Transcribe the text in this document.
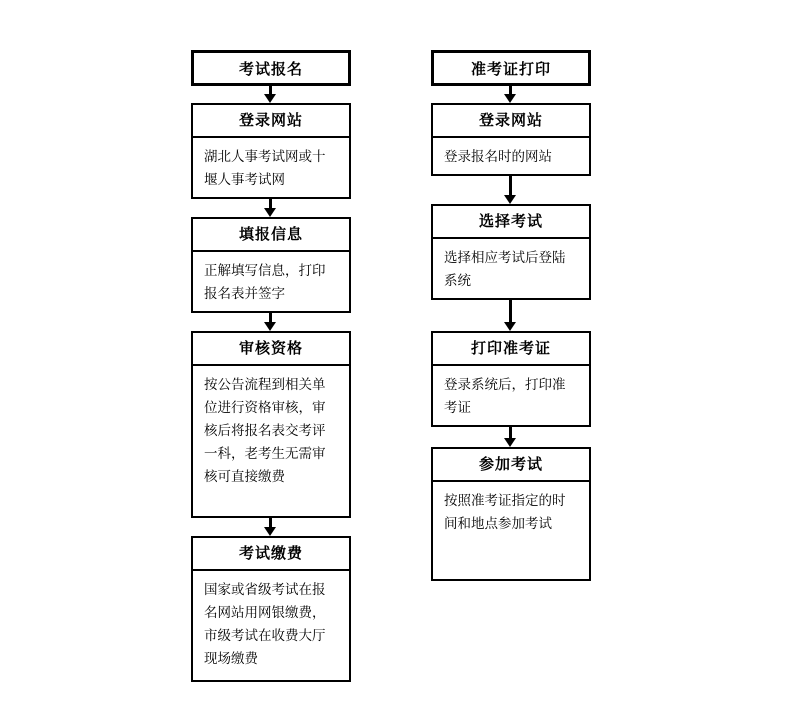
考试报名
登录网站
湖北人事考试网或十堰人事考试网
填报信息
正解填写信息，打印报名表并签字
审核资格
按公告流程到相关单位进行资格审核，审核后将报名表交考评一科，老考生无需审核可直接缴费
考试缴费
国家或省级考试在报名网站用网银缴费，市级考试在收费大厅现场缴费
准考证打印
登录网站
登录报名时的网站
选择考试
选择相应考试后登陆系统
打印准考证
登录系统后，打印准考证
参加考试
按照准考证指定的时间和地点参加考试
